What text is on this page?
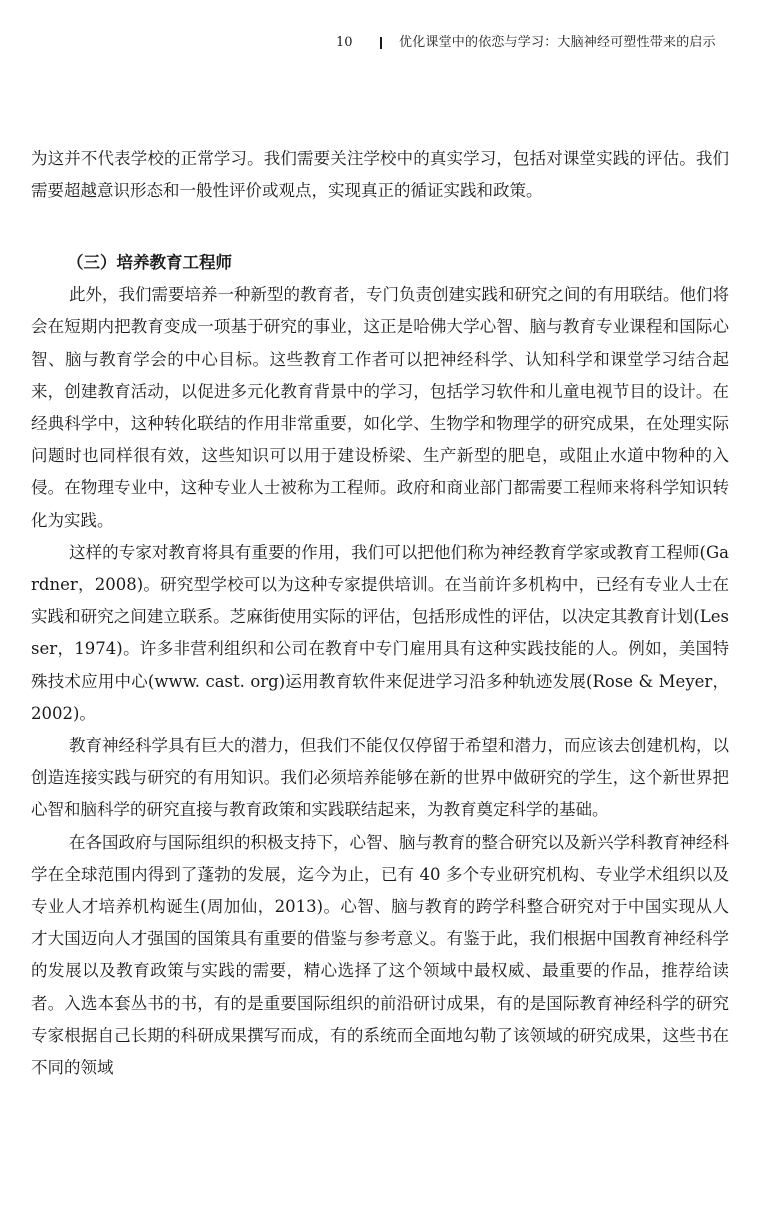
10	优化课堂中的依恋与学习：大脑神经可塑性带来的启示

为这并不代表学校的正常学习。我们需要关注学校中的真实学习，包括对课堂实践的评估。我们需要超越意识形态和一般性评价或观点，实现真正的循证实践和政策。

（三）培养教育工程师

此外，我们需要培养一种新型的教育者，专门负责创建实践和研究之间的有用联结。他们将会在短期内把教育变成一项基于研究的事业，这正是哈佛大学心智、脑与教育专业课程和国际心智、脑与教育学会的中心目标。这些教育工作者可以把神经科学、认知科学和课堂学习结合起来，创建教育活动，以促进多元化教育背景中的学习，包括学习软件和儿童电视节目的设计。在经典科学中，这种转化联结的作用非常重要，如化学、生物学和物理学的研究成果，在处理实际问题时也同样很有效，这些知识可以用于建设桥梁、生产新型的肥皂，或阻止水道中物种的入侵。在物理专业中，这种专业人士被称为工程师。政府和商业部门都需要工程师来将科学知识转化为实践。

这样的专家对教育将具有重要的作用，我们可以把他们称为神经教育学家或教育工程师(Gardner，2008)。研究型学校可以为这种专家提供培训。在当前许多机构中，已经有专业人士在实践和研究之间建立联系。芝麻街使用实际的评估，包括形成性的评估，以决定其教育计划(Lesser，1974)。许多非营利组织和公司在教育中专门雇用具有这种实践技能的人。例如，美国特殊技术应用中心(www. cast. org)运用教育软件来促进学习沿多种轨迹发展(Rose & Meyer，2002)。

教育神经科学具有巨大的潜力，但我们不能仅仅停留于希望和潜力，而应该去创建机构，以创造连接实践与研究的有用知识。我们必须培养能够在新的世界中做研究的学生，这个新世界把心智和脑科学的研究直接与教育政策和实践联结起来，为教育奠定科学的基础。

在各国政府与国际组织的积极支持下，心智、脑与教育的整合研究以及新兴学科教育神经科学在全球范围内得到了蓬勃的发展，迄今为止，已有 40 多个专业研究机构、专业学术组织以及专业人才培养机构诞生(周加仙，2013)。心智、脑与教育的跨学科整合研究对于中国实现从人才大国迈向人才强国的国策具有重要的借鉴与参考意义。有鉴于此，我们根据中国教育神经科学的发展以及教育政策与实践的需要，精心选择了这个领域中最权威、最重要的作品，推荐给读者。入选本套丛书的书，有的是重要国际组织的前沿研讨成果，有的是国际教育神经科学的研究专家根据自己长期的科研成果撰写而成，有的系统而全面地勾勒了该领域的研究成果，这些书在不同的领域
